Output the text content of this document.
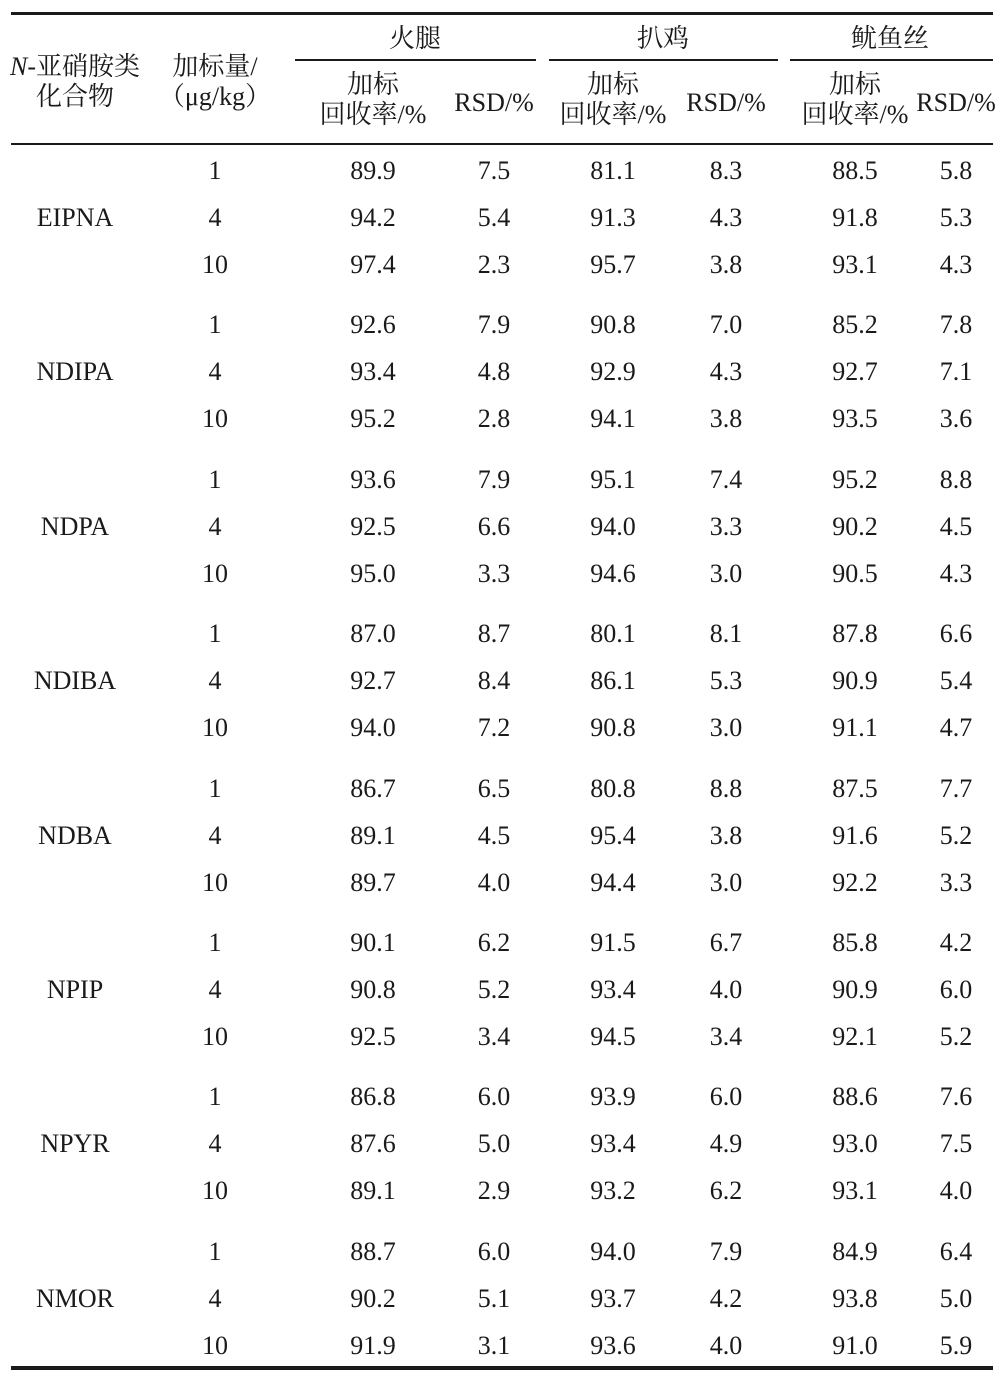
N-亚硝胺类
化合物
加标量/
（μg/kg）
火腿	扒鸡	鱿鱼丝
加标
回收率/% RSD/%
加标
回收率/% RSD/%
加标
回收率/% RSD/%
EIPNA
1	89.9	7.5	81.1	8.3	88.5 5.8
4	94.2	5.4	91.3	4.3	91.8 5.3
10	97.4	2.3	95.7	3.8	93.1 4.3
NDIPA
1	92.6	7.9	90.8	7.0	85.2 7.8
4	93.4	4.8	92.9	4.3	92.7 7.1
10	95.2	2.8	94.1	3.8	93.5 3.6
NDPA
1	93.6	7.9	95.1	7.4	95.2 8.8
4	92.5	6.6	94.0	3.3	90.2 4.5
10	95.0	3.3	94.6	3.0	90.5 4.3
NDIBA
1	87.0	8.7	80.1	8.1	87.8 6.6
4	92.7	8.4	86.1	5.3	90.9 5.4
10	94.0	7.2	90.8	3.0	91.1 4.7
NDBA
1	86.7	6.5	80.8	8.8	87.5 7.7
4	89.1	4.5	95.4	3.8	91.6 5.2
10	89.7	4.0	94.4	3.0	92.2 3.3
NPIP
1	90.1	6.2	91.5	6.7	85.8 4.2
4	90.8	5.2	93.4	4.0	90.9 6.0
10	92.5	3.4	94.5	3.4	92.1 5.2
NPYR
1	86.8	6.0	93.9	6.0	88.6 7.6
4	87.6	5.0	93.4	4.9	93.0 7.5
10	89.1	2.9	93.2	6.2	93.1 4.0
NMOR
1	88.7	6.0	94.0	7.9	84.9 6.4
4	90.2	5.1	93.7	4.2	93.8 5.0
10	91.9	3.1	93.6	4.0	91.0 5.9
